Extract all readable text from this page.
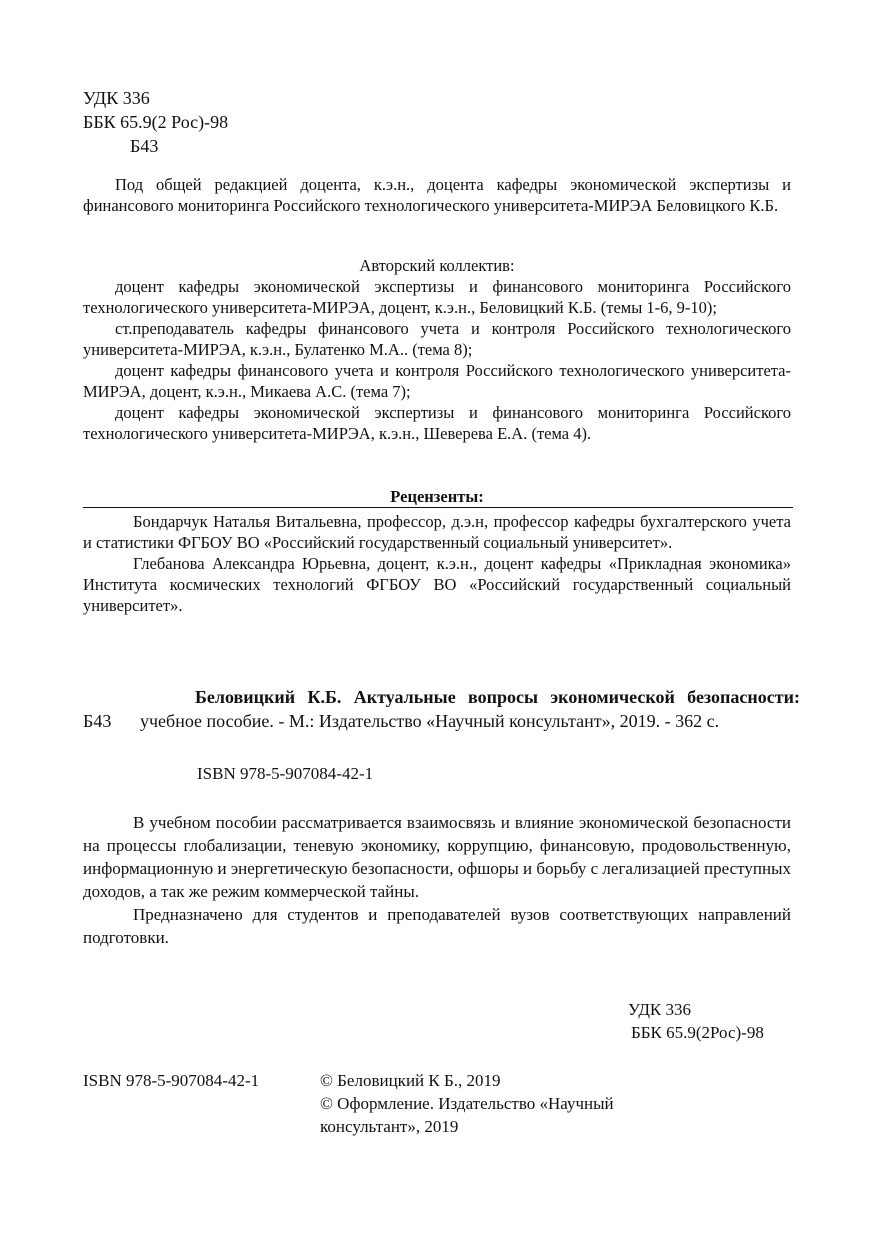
УДК 336
ББК 65.9(2 Рос)-98
Б43
Под общей редакцией доцента, к.э.н., доцента кафедры экономической экспертизы и финансового мониторинга Российского технологического университета-МИРЭА Беловицкого К.Б.
Авторский коллектив:

доцент кафедры экономической экспертизы и финансового мониторинга Российского технологического университета-МИРЭА, доцент, к.э.н., Беловицкий К.Б. (темы 1-6, 9-10);

ст.преподаватель кафедры финансового учета и контроля Российского технологического университета-МИРЭА, к.э.н., Булатенко М.А.. (тема 8);

доцент кафедры финансового учета и контроля Российского технологического университета-МИРЭА, доцент, к.э.н., Микаева А.С. (тема 7);

доцент кафедры экономической экспертизы и финансового мониторинга Российского технологического университета-МИРЭА, к.э.н., Шеверева Е.А. (тема 4).

Рецензенты:

Бондарчук Наталья Витальевна, профессор, д.э.н, профессор кафедры бухгалтерского учета и статистики ФГБОУ ВО «Российский государственный социальный университет».

Глебанова Александра Юрьевна, доцент, к.э.н., доцент кафедры «Прикладная экономика» Института космических технологий ФГБОУ ВО «Российский государственный социальный университет».

Б43

Беловицкий К.Б. Актуальные вопросы экономической безопасности: учебное пособие. - М.: Издательство «Научный консультант», 2019. - 362 с.

ISBN 978-5-907084-42-1

В учебном пособии рассматривается взаимосвязь и влияние экономической безопасности на процессы глобализации, теневую экономику, коррупцию, финансовую, продовольственную, информационную и энергетическую безопасности, офшоры и борьбу с легализацией преступных доходов, а так же режим коммерческой тайны.

Предназначено для студентов и преподавателей вузов соответствующих направлений подготовки.

УДК 336
ББК 65.9(2Рос)-98
ISBN 978-5-907084-42-1	© Беловицкий К Б., 2019
© Оформление. Издательство «Научный консультант», 2019
